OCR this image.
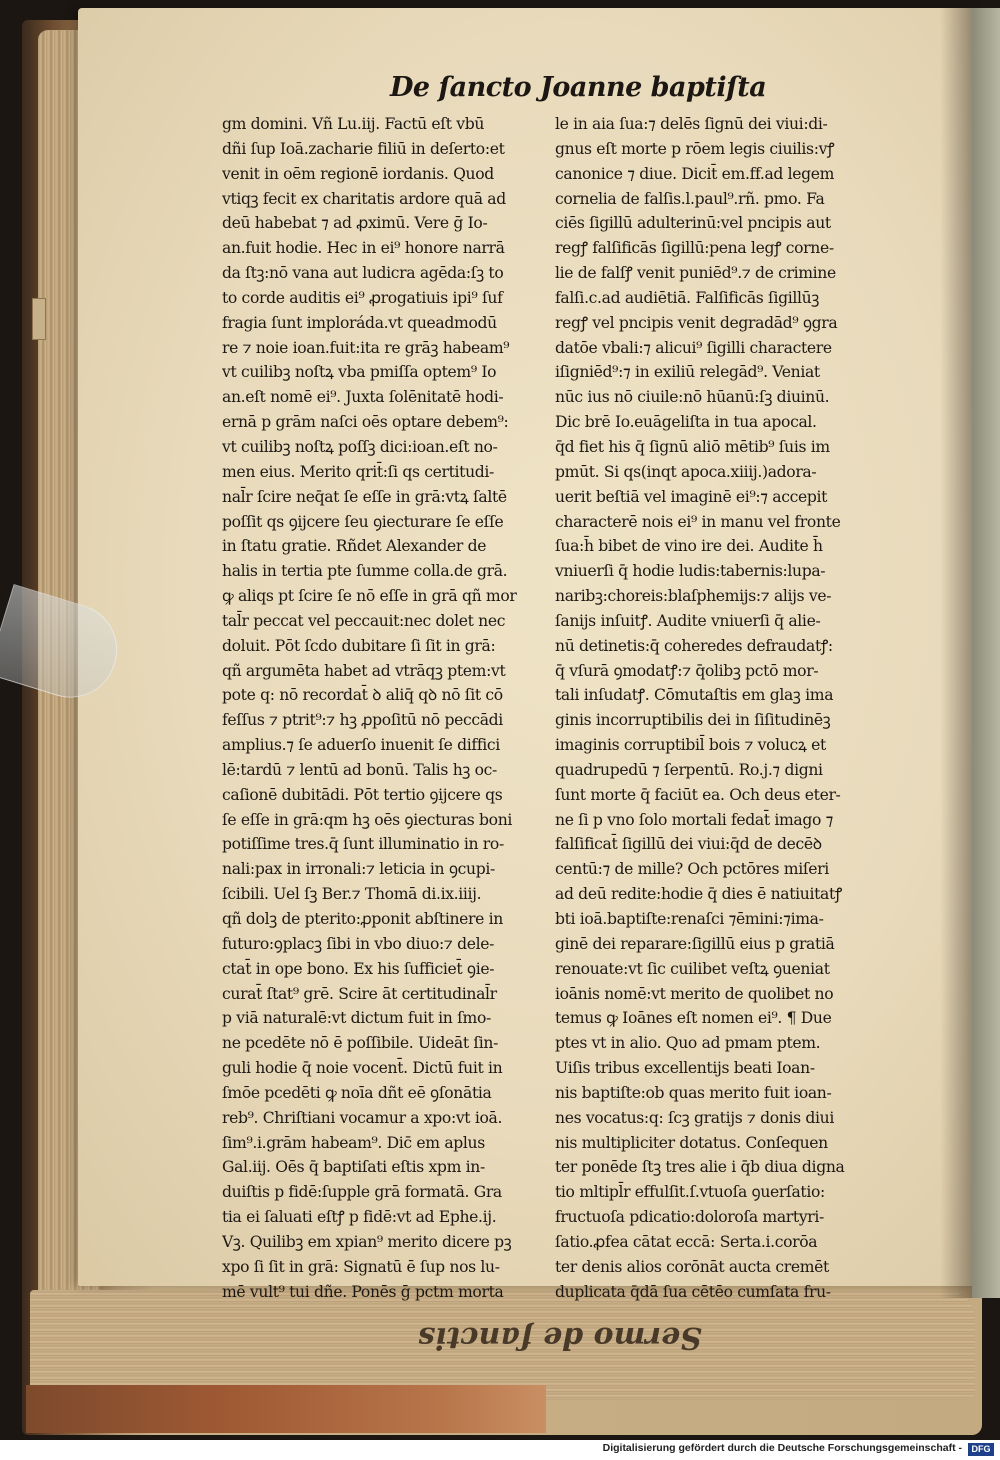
Sermo de ſanctis
De ſancto Joanne baptiſta
gm domini. Vñ Lu.iij. Factū eſt vbū
dñi ſup Ioā.zacharie filiū in deſerto:et
venit in oēm regionē iordanis. Quod
vtiqꝫ fecit ex charitatis ardore quā ad
deū habebat ⁊ ad ꝓximū. Vere ḡ Io-
an.fuit hodie. Hec in ei⁹ honore narrā
da ſtꝫ:nō vana aut ludicra agēda:ſꝫ to
to corde auditis ei⁹ ꝓrogatiuis ipi⁹ ſuf
fragia ſunt imploráda.vt queadmodū
re ⁊ noie ioan.fuit:ita re grāꝫ habeam⁹
vt cuilibꝫ noſtꝝ vba pmiſſa optem⁹ Io
an.eſt nomē ei⁹. Juxta ſolēnitatē hodi-
ernā p grām naſci oēs optare debem⁹:
vt cuilibꝫ noſtꝝ poſſꝫ dici:ioan.eſt no-
men eius. Merito qrit̄:ſi qs certitudi-
nal̄r ſcire neq̄at ſe eſſe in grā:vtꝝ ſaltē
poſſit qs ꝯijcere ſeu ꝯiecturare ſe eſſe
in ſtatu gratie. Rñdet Alexander de
halis in tertia pte ſumme colla.de grā.
ꝙ aliqs pt ſcire ſe nō eſſe in grā qñ mor
tal̄r peccat vel peccauit:nec dolet nec
doluit. Pōt ſcdo dubitare ſi ſit in grā:
qñ argumēta habet ad vtrāqꝫ ptem:vt
pote q: nō recordat̄ ꝺ aliq̄ qꝺ nō ſit cō
feſſus ⁊ ptrit⁹:⁊ hꝫ ꝓpoſitū nō peccādi
amplius.⁊ ſe aduerſo inuenit ſe diffici
lē:tardū ⁊ lentū ad bonū. Talis hꝫ oc-
caſionē dubitādi. Pōt tertio ꝯijcere qs
ſe eſſe in grā:qm hꝫ oēs ꝯiecturas boni
potiſſime tres.q̄ ſunt illuminatio in ro-
nali:pax in irronali:⁊ leticia in ꝯcupi-
ſcibili. Uel ſꝫ Ber.⁊ Thomā di.ix.iiij.
qñ dolꝫ de pterito:ꝓponit abſtinere in
futuro:ꝯplacꝫ ſibi in vbo diuo:⁊ dele-
ctat̄ in ope bono. Ex his ſufficiet̄ ꝯie-
curat̄ ſtat⁹ grē. Scire āt certitudinal̄r
p viā naturalē:vt dictum fuit in ſmo-
ne pcedēte nō ē poſſibile. Uideāt ſin-
guli hodie q̄ noie vocent̄. Dictū fuit in
ſmōe pcedēti ꝙ noīa dñt eē ꝯſonātia
reb⁹. Chriſtiani vocamur a xpo:vt ioā.
ſim⁹.i.grām habeam⁹. Dic̄ em aplus
Gal.iij. Oēs q̄ baptiſati eſtis xpm in-
duiſtis p fidē:ſupple grā formatā. Gra
tia ei ſaluati eſtꝭ p fidē:vt ad Ephe.ij.
Vꝫ. Quilibꝫ em xpian⁹ merito dicere pꝫ
xpo ſi ſit in grā: Signatū ē ſup nos lu-
mē vult⁹ tui dñe. Ponēs ḡ pctm morta
le in aia ſua:⁊ delēs ſignū dei viui:di-
gnus eſt morte p rōem legis ciuilis:vꝭ
canonice ⁊ diue. Dicit̄ em.ff.ad legem
cornelia de falſis.l.paul⁹.rñ. pmo. Fa
ciēs ſigillū adulterinū:vel pncipis aut
regꝭ falſificās ſigillū:pena legꝭ corne-
lie de falſꝭ venit puniēd⁹.⁊ de crimine
falſi.c.ad audiētiā. Falſificās ſigillūꝫ
regꝭ vel pncipis venit degradād⁹ ꝯgra
datōe vbali:⁊ alicui⁹ ſigilli charactere
iſigniēd⁹:⁊ in exiliū relegād⁹. Veniat
nūc ius nō ciuile:nō hūanū:ſꝫ diuinū.
Dic brē Io.euāgeliſta in tua apocal.
q̄d fiet his q̄ ſignū aliō mētib⁹ ſuis im
pmūt. Si qs(inqt apoca.xiiij.)adora-
uerit beſtiā vel imaginē ei⁹:⁊ accepit
characterē nois ei⁹ in manu vel fronte
ſua:h̄ bibet de vino ire dei. Audite h̄
vniuerſi q̄ hodie ludis:tabernis:lupa-
naribꝫ:choreis:blaſphemijs:⁊ alijs ve-
ſanijs inſuitꝭ. Audite vniuerſi q̄ alie-
nū detinetis:q̄ coheredes defraudatꝭ:
q̄ vſurā ꝯmodatꝭ:⁊ q̄olibꝫ pctō mor-
tali inſudatꝭ. Cōmutaſtis em glaꝫ ima
ginis incorruptibilis dei in ſiſitudinēꝫ
imaginis corruptibil̄ bois ⁊ volucꝝ et
quadrupedū ⁊ ſerpentū. Ro.j.⁊ digni
ſunt morte q̄ faciūt ea. Och deus eter-
ne ſi p vno ſolo mortali fedat̄ imago ⁊
falſificat̄ ſigillū dei viui:q̄d de decēꝺ
centū:⁊ de mille? Och pctōres miſeri
ad deū redite:hodie q̄ dies ē natiuitatꝭ
bti ioā.baptiſte:renaſci ⁊ēmini:⁊ima-
ginē dei reparare:ſigillū eius p gratiā
renouate:vt ſic cuilibet veſtꝝ ꝯueniat
ioānis nomē:vt merito de quolibet no
temus ꝙ Ioānes eſt nomen ei⁹. ¶ Due
ptes vt in alio. Quo ad pmam ptem.
Uiſis tribus excellentijs beati Ioan-
nis baptiſte:ob quas merito fuit ioan-
nes vocatus:q: ſcꝫ gratijs ⁊ donis diui
nis multipliciter dotatus. Conſequen
ter ponēde ſtꝫ tres alie i q̄b diua digna
tio mltipl̄r effulſit.ſ.vtuoſa ꝯuerſatio:
fructuoſa pdicatio:doloroſa martyri-
ſatio.ꝓfea cātat eccā: Serta.i.corōa
ter denis alios corōnāt aucta cremēt
duplicata q̄dā ſua cētēo cumſata fru-
Digitalisierung gefördert durch die Deutsche Forschungsgemeinschaft -	DFG
